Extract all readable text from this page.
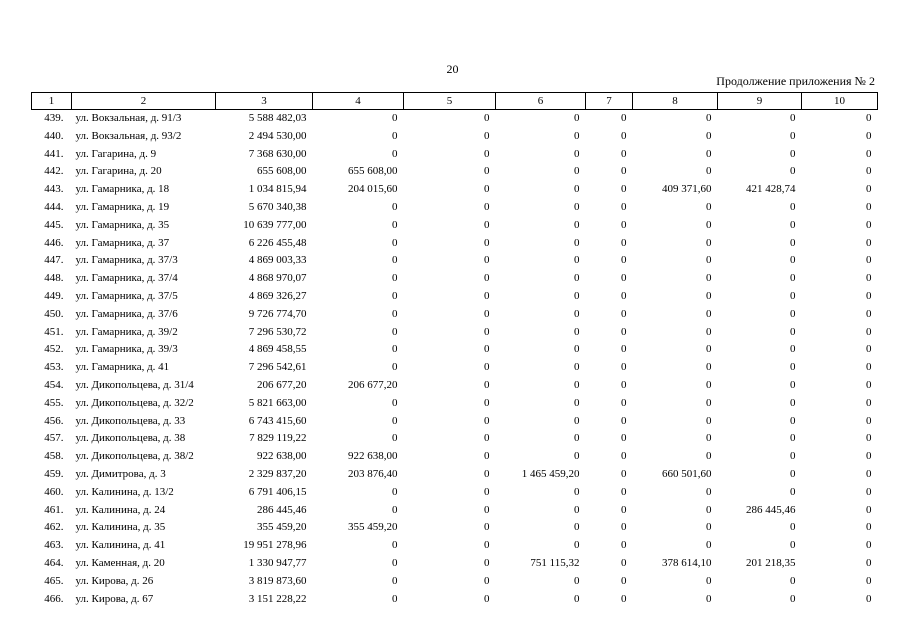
20
Продолжение приложения № 2
1	2	3	4	5	6	7	8	9	10
439.	ул. Вокзальная, д. 91/3	5 588 482,03	0	0	0	0	0	0	0
440.	ул. Вокзальная, д. 93/2	2 494 530,00	0	0	0	0	0	0	0
441.	ул. Гагарина, д. 9	7 368 630,00	0	0	0	0	0	0	0
442.	ул. Гагарина, д. 20	655 608,00	655 608,00	0	0	0	0	0	0
443.	ул. Гамарника, д. 18	1 034 815,94	204 015,60	0	0	0	409 371,60	421 428,74	0
444.	ул. Гамарника, д. 19	5 670 340,38	0	0	0	0	0	0	0
445.	ул. Гамарника, д. 35	10 639 777,00	0	0	0	0	0	0	0
446.	ул. Гамарника, д. 37	6 226 455,48	0	0	0	0	0	0	0
447.	ул. Гамарника, д. 37/3	4 869 003,33	0	0	0	0	0	0	0
448.	ул. Гамарника, д. 37/4	4 868 970,07	0	0	0	0	0	0	0
449.	ул. Гамарника, д. 37/5	4 869 326,27	0	0	0	0	0	0	0
450.	ул. Гамарника, д. 37/6	9 726 774,70	0	0	0	0	0	0	0
451.	ул. Гамарника, д. 39/2	7 296 530,72	0	0	0	0	0	0	0
452.	ул. Гамарника, д. 39/3	4 869 458,55	0	0	0	0	0	0	0
453.	ул. Гамарника, д. 41	7 296 542,61	0	0	0	0	0	0	0
454.	ул. Дикопольцева, д. 31/4	206 677,20	206 677,20	0	0	0	0	0	0
455.	ул. Дикопольцева, д. 32/2	5 821 663,00	0	0	0	0	0	0	0
456.	ул. Дикопольцева, д. 33	6 743 415,60	0	0	0	0	0	0	0
457.	ул. Дикопольцева, д. 38	7 829 119,22	0	0	0	0	0	0	0
458.	ул. Дикопольцева, д. 38/2	922 638,00	922 638,00	0	0	0	0	0	0
459.	ул. Димитрова, д. 3	2 329 837,20	203 876,40	0	1 465 459,20	0	660 501,60	0	0
460.	ул. Калинина, д. 13/2	6 791 406,15	0	0	0	0	0	0	0
461.	ул. Калинина, д. 24	286 445,46	0	0	0	0	0	286 445,46	0
462.	ул. Калинина, д. 35	355 459,20	355 459,20	0	0	0	0	0	0
463.	ул. Калинина, д. 41	19 951 278,96	0	0	0	0	0	0	0
464.	ул. Каменная, д. 20	1 330 947,77	0	0	751 115,32	0	378 614,10	201 218,35	0
465.	ул. Кирова, д. 26	3 819 873,60	0	0	0	0	0	0	0
466.	ул. Кирова, д. 67	3 151 228,22	0	0	0	0	0	0	0
